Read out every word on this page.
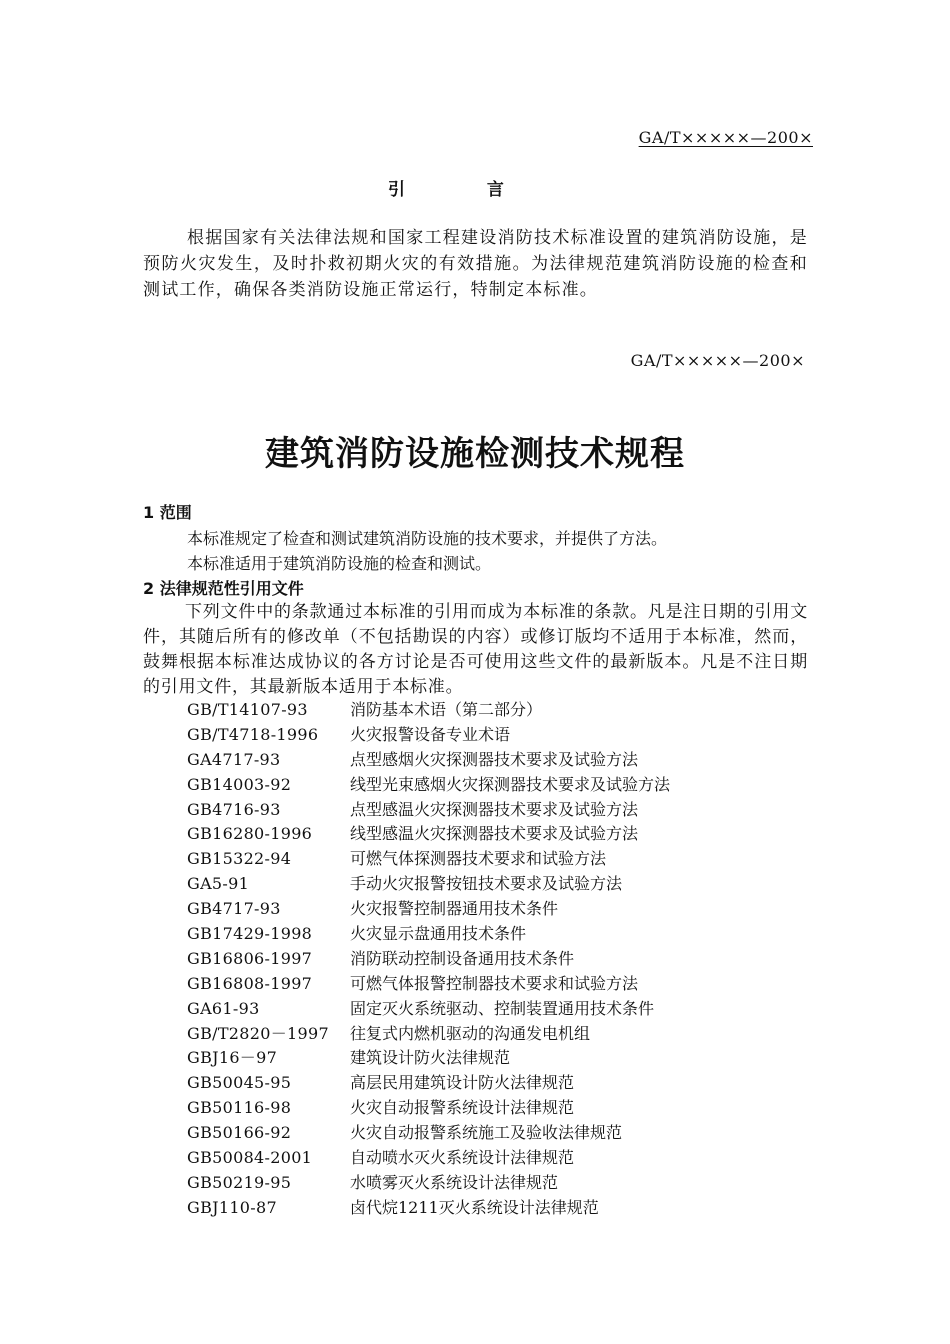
GA/T×××××—200×
引 言

根据国家有关法律法规和国家工程建设消防技术标准设置的建筑消防设施，是预防火灾发生，及时扑救初期火灾的有效措施。为法律规范建筑消防设施的检查和测试工作，确保各类消防设施正常运行，特制定本标准。

GA/T×××××—200×
建筑消防设施检测技术规程
1 范围

本标准规定了检查和测试建筑消防设施的技术要求，并提供了方法。

本标准适用于建筑消防设施的检查和测试。

2 法律规范性引用文件

下列文件中的条款通过本标准的引用而成为本标准的条款。凡是注日期的引用文件，其随后所有的修改单（不包括勘误的内容）或修订版均不适用于本标准，然而，鼓舞根据本标准达成协议的各方讨论是否可使用这些文件的最新版本。凡是不注日期的引用文件，其最新版本适用于本标准。

GB/T14107-93	消防基本术语（第二部分）
GB/T4718-1996 火灾报警设备专业术语
GA4717-93	点型感烟火灾探测器技术要求及试验方法
GB14003-92	线型光束感烟火灾探测器技术要求及试验方法
GB4716-93	点型感温火灾探测器技术要求及试验方法
GB16280-1996 线型感温火灾探测器技术要求及试验方法
GB15322-94	可燃气体探测器技术要求和试验方法
GA5-91	手动火灾报警按钮技术要求及试验方法
GB4717-93	火灾报警控制器通用技术条件
GB17429-1998 火灾显示盘通用技术条件
GB16806-1997 消防联动控制设备通用技术条件
GB16808-1997 可燃气体报警控制器技术要求和试验方法
GA61-93	固定灭火系统驱动、控制装置通用技术条件
GB/T2820－1997 往复式内燃机驱动的沟通发电机组
GBJ16－97	建筑设计防火法律规范
GB50045-95	高层民用建筑设计防火法律规范
GB50116-98	火灾自动报警系统设计法律规范
GB50166-92	火灾自动报警系统施工及验收法律规范
GB50084-2001 自动喷水灭火系统设计法律规范
GB50219-95	水喷雾灭火系统设计法律规范
GBJ110-87	卤代烷1211灭火系统设计法律规范
